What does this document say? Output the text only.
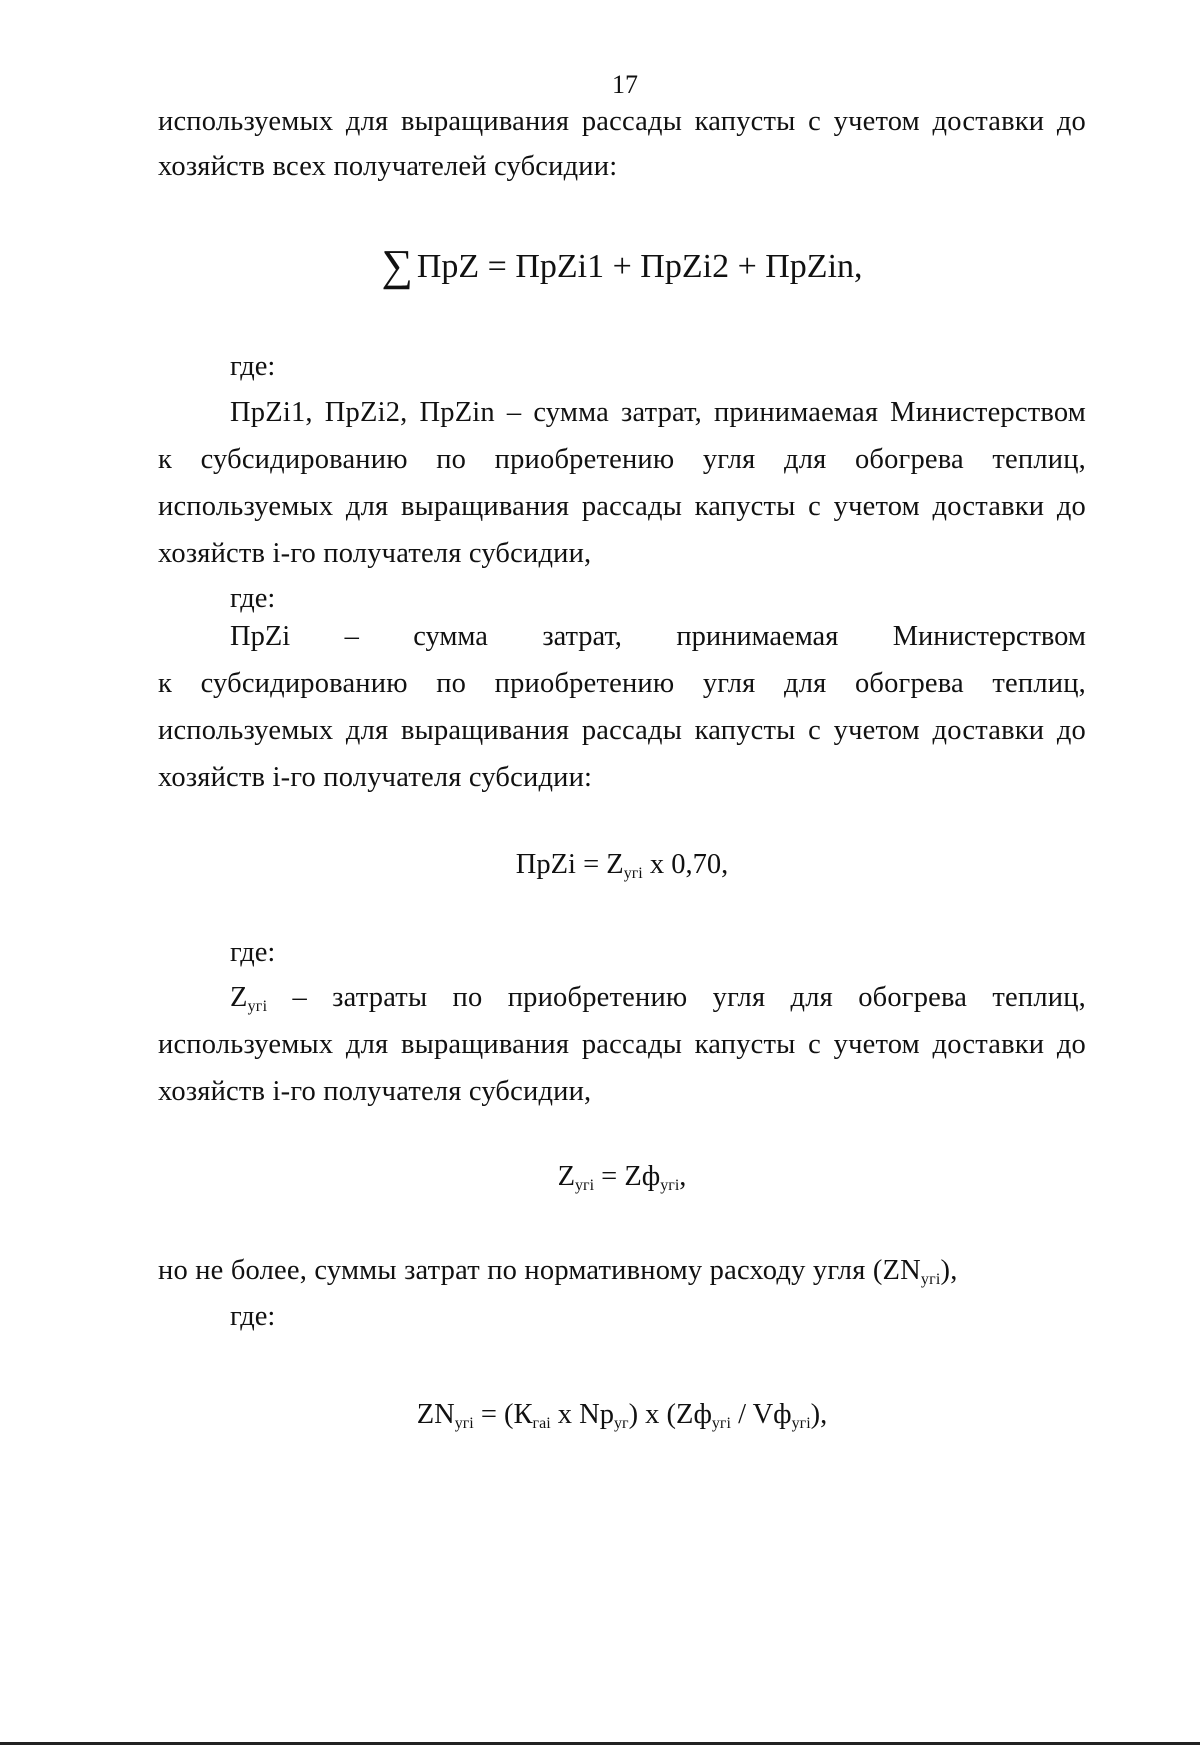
17
используемых для выращивания рассады капусты с учетом доставки до
хозяйств всех получателей субсидии:
∑ ПрZ = ПрZi1 + ПрZi2 + ПрZin,
где:
ПрZi1, ПрZi2, ПрZin – сумма затрат, принимаемая Министерством
к субсидированию по приобретению угля для обогрева теплиц, используемых для выращивания рассады капусты с учетом доставки до хозяйств i-го получателя субсидии,
где:
ПрZi – сумма затрат, принимаемая Министерством
к субсидированию по приобретению угля для обогрева теплиц, используемых для выращивания рассады капусты с учетом доставки до хозяйств i-го получателя субсидии:
ПрZi = $Z_{угi}$ х 0,70,
где:
$Z_{угi}$ – затраты по приобретению угля для обогрева теплиц, используемых для выращивания рассады капусты с учетом доставки до хозяйств i-го получателя субсидии,
$Z_{угi} = Zф_{угi}$,
но не более, суммы затрат по нормативному расходу угля $(ZN_{угi})$,
где:
$ZN_{угi} = (К_{гаi}$ х $Np_{уг}$) х $(Zф_{угi} / Vф_{угi})$,
